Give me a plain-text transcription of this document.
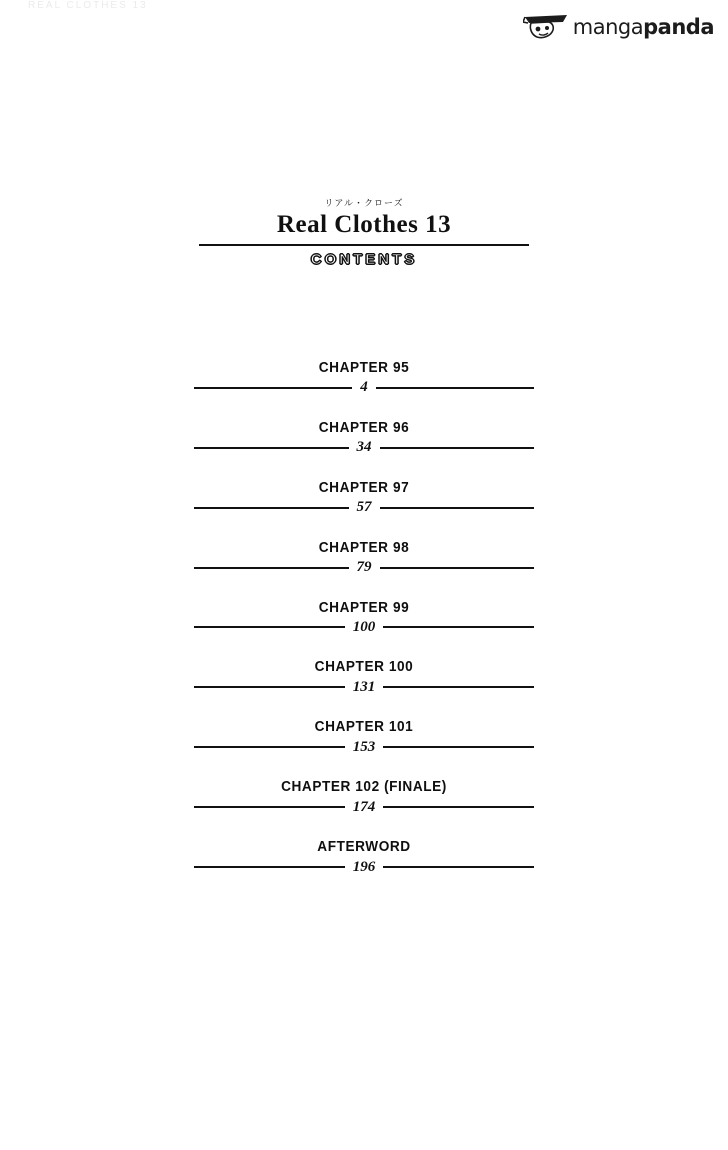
REAL CLOTHES 13
mangapanda
リアル・クローズ
Real Clothes 13
CONTENTS
CHAPTER 95
4
CHAPTER 96
34
CHAPTER 97
57
CHAPTER 98
79
CHAPTER 99
100
CHAPTER 100
131
CHAPTER 101
153
CHAPTER 102 (FINALE)
174
AFTERWORD
196
